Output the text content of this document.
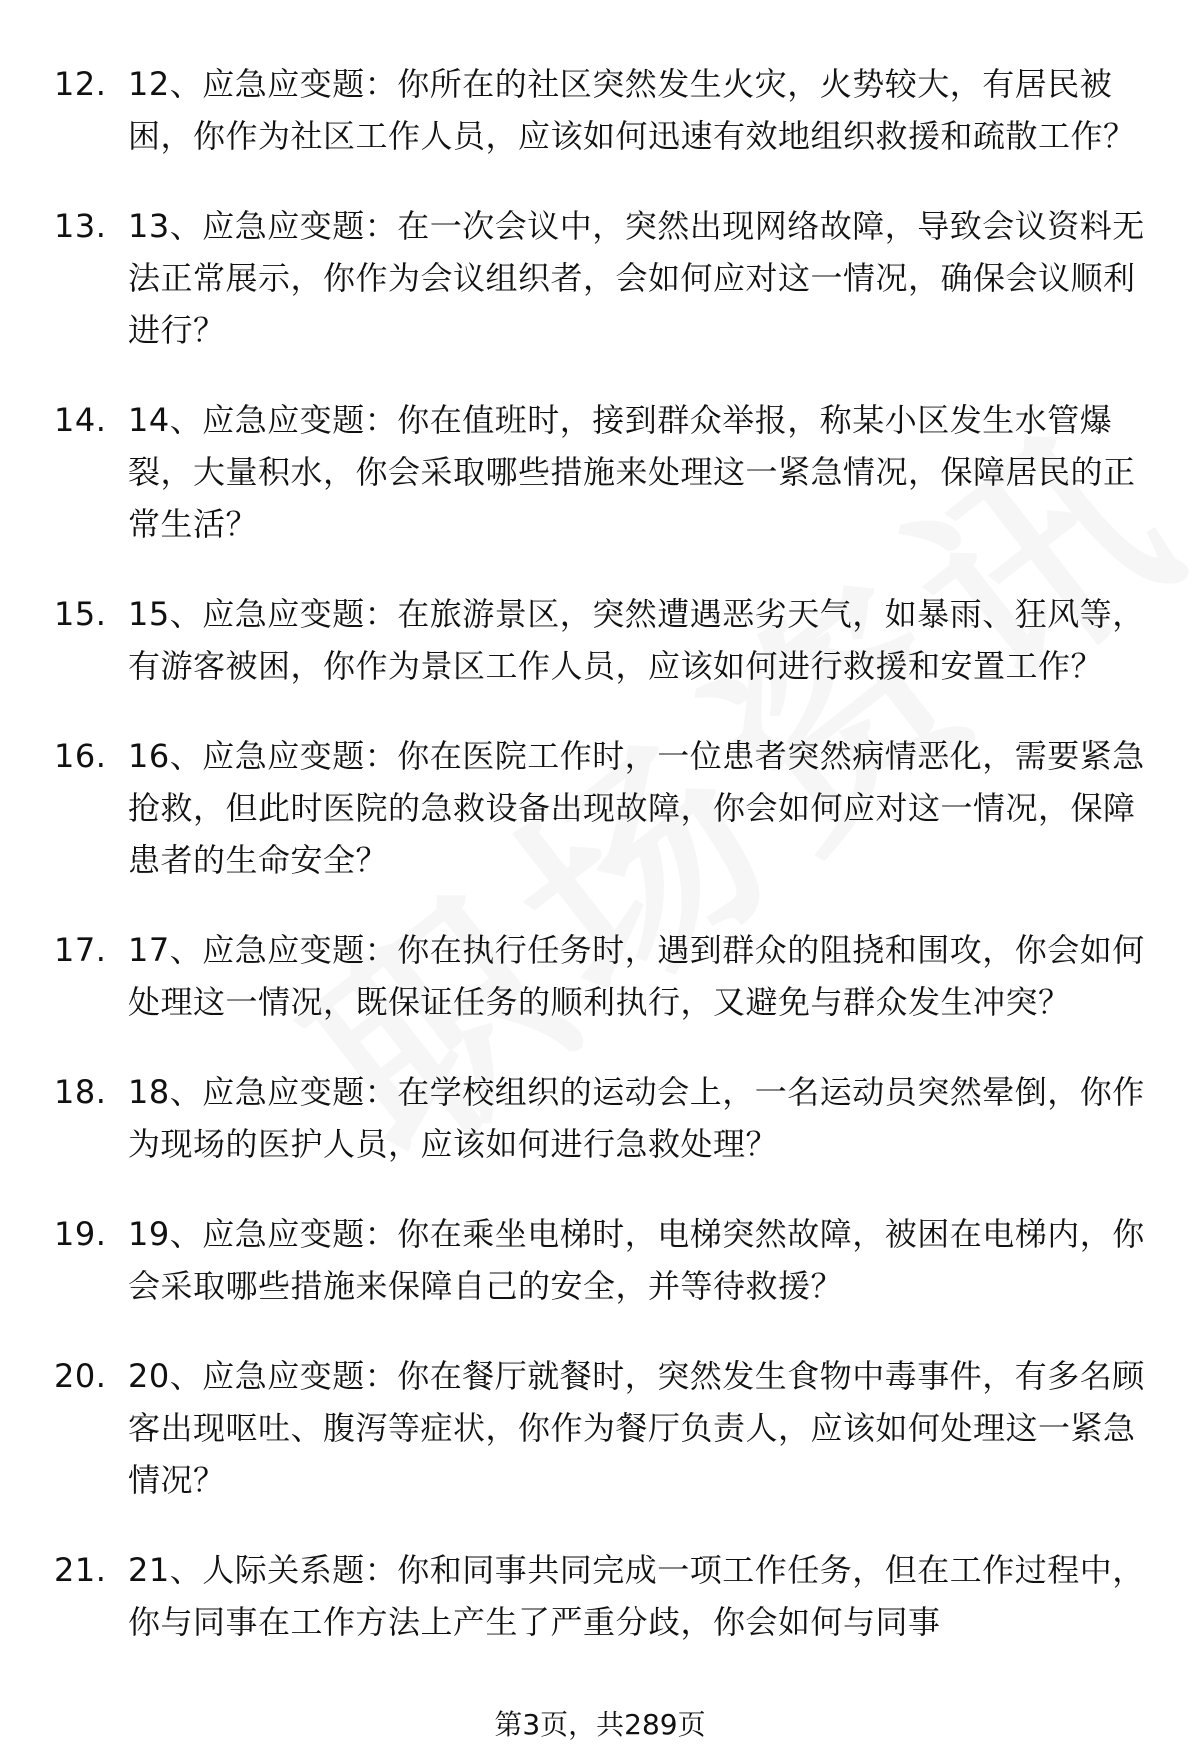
12. 12、应急应变题：你所在的社区突然发生火灾，火势较大，有居民被困，你作为社区工作人员，应该如何迅速有效地组织救援和疏散工作？
13. 13、应急应变题：在一次会议中，突然出现网络故障，导致会议资料无法正常展示，你作为会议组织者，会如何应对这一情况，确保会议顺利进行？
14. 14、应急应变题：你在值班时，接到群众举报，称某小区发生水管爆裂，大量积水，你会采取哪些措施来处理这一紧急情况，保障居民的正常生活？
15. 15、应急应变题：在旅游景区，突然遭遇恶劣天气，如暴雨、狂风等，有游客被困，你作为景区工作人员，应该如何进行救援和安置工作？
16. 16、应急应变题：你在医院工作时，一位患者突然病情恶化，需要紧急抢救，但此时医院的急救设备出现故障，你会如何应对这一情况，保障患者的生命安全？
17. 17、应急应变题：你在执行任务时，遇到群众的阻挠和围攻，你会如何处理这一情况，既保证任务的顺利执行，又避免与群众发生冲突？
18. 18、应急应变题：在学校组织的运动会上，一名运动员突然晕倒，你作为现场的医护人员，应该如何进行急救处理？
19. 19、应急应变题：你在乘坐电梯时，电梯突然故障，被困在电梯内，你会采取哪些措施来保障自己的安全，并等待救援？
20. 20、应急应变题：你在餐厅就餐时，突然发生食物中毒事件，有多名顾客出现呕吐、腹泻等症状，你作为餐厅负责人，应该如何处理这一紧急情况？
21. 21、人际关系题：你和同事共同完成一项工作任务，但在工作过程中，你与同事在工作方法上产生了严重分歧，你会如何与同事
第3页，共289页
